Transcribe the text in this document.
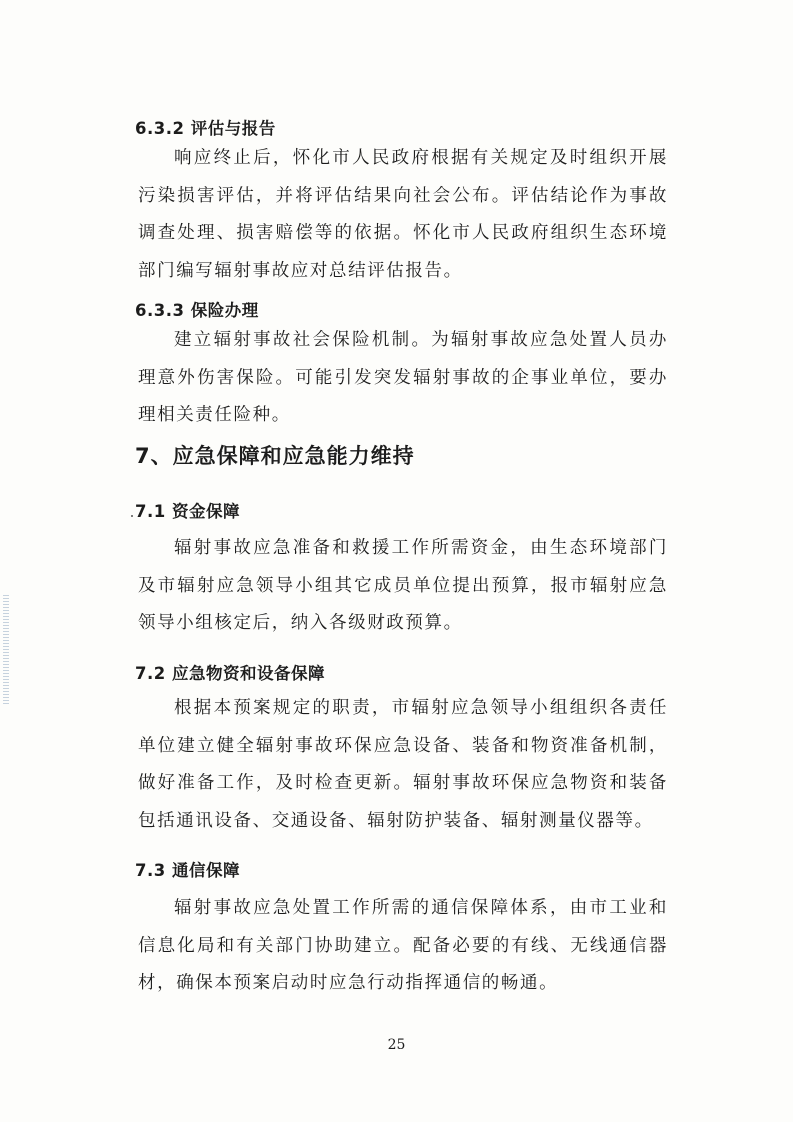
6.3.2 评估与报告

响应终止后，怀化市人民政府根据有关规定及时组织开展污染损害评估，并将评估结果向社会公布。评估结论作为事故调查处理、损害赔偿等的依据。怀化市人民政府组织生态环境部门编写辐射事故应对总结评估报告。

6.3.3 保险办理

建立辐射事故社会保险机制。为辐射事故应急处置人员办理意外伤害保险。可能引发突发辐射事故的企事业单位，要办理相关责任险种。

7、应急保障和应急能力维持
7.1 资金保障

辐射事故应急准备和救援工作所需资金，由生态环境部门及市辐射应急领导小组其它成员单位提出预算，报市辐射应急领导小组核定后，纳入各级财政预算。

7.2 应急物资和设备保障

根据本预案规定的职责，市辐射应急领导小组组织各责任单位建立健全辐射事故环保应急设备、装备和物资准备机制，做好准备工作，及时检查更新。辐射事故环保应急物资和装备包括通讯设备、交通设备、辐射防护装备、辐射测量仪器等。

7.3 通信保障

辐射事故应急处置工作所需的通信保障体系，由市工业和信息化局和有关部门协助建立。配备必要的有线、无线通信器材，确保本预案启动时应急行动指挥通信的畅通。

25
